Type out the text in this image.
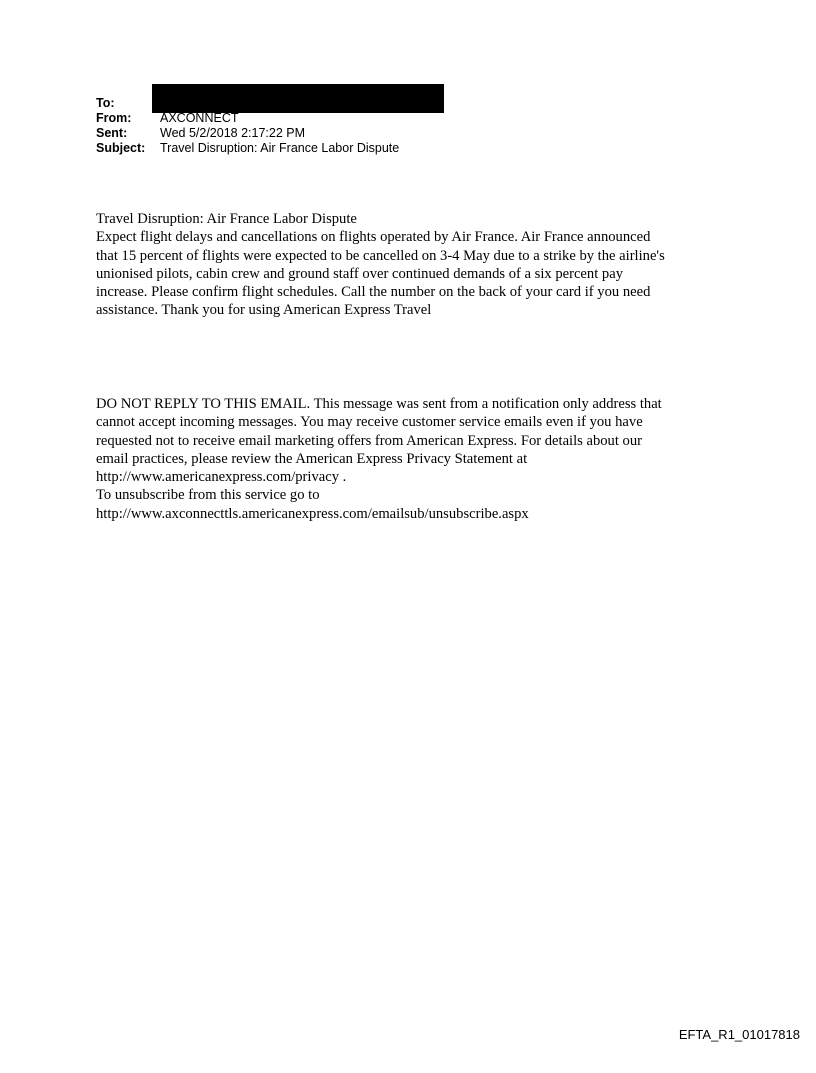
To:
From:	AXCONNECT
Sent:	Wed 5/2/2018 2:17:22 PM
Subject:	Travel Disruption: Air France Labor Dispute
Travel Disruption: Air France Labor Dispute
Expect flight delays and cancellations on flights operated by Air France. Air France announced
that 15 percent of flights were expected to be cancelled on 3-4 May due to a strike by the airline's
unionised pilots, cabin crew and ground staff over continued demands of a six percent pay
increase. Please confirm flight schedules. Call the number on the back of your card if you need
assistance. Thank you for using American Express Travel
DO NOT REPLY TO THIS EMAIL. This message was sent from a notification only address that
cannot accept incoming messages. You may receive customer service emails even if you have
requested not to receive email marketing offers from American Express. For details about our
email practices, please review the American Express Privacy Statement at
http://www.americanexpress.com/privacy .
To unsubscribe from this service go to
http://www.axconnecttls.americanexpress.com/emailsub/unsubscribe.aspx
EFTA_R1_01017818
